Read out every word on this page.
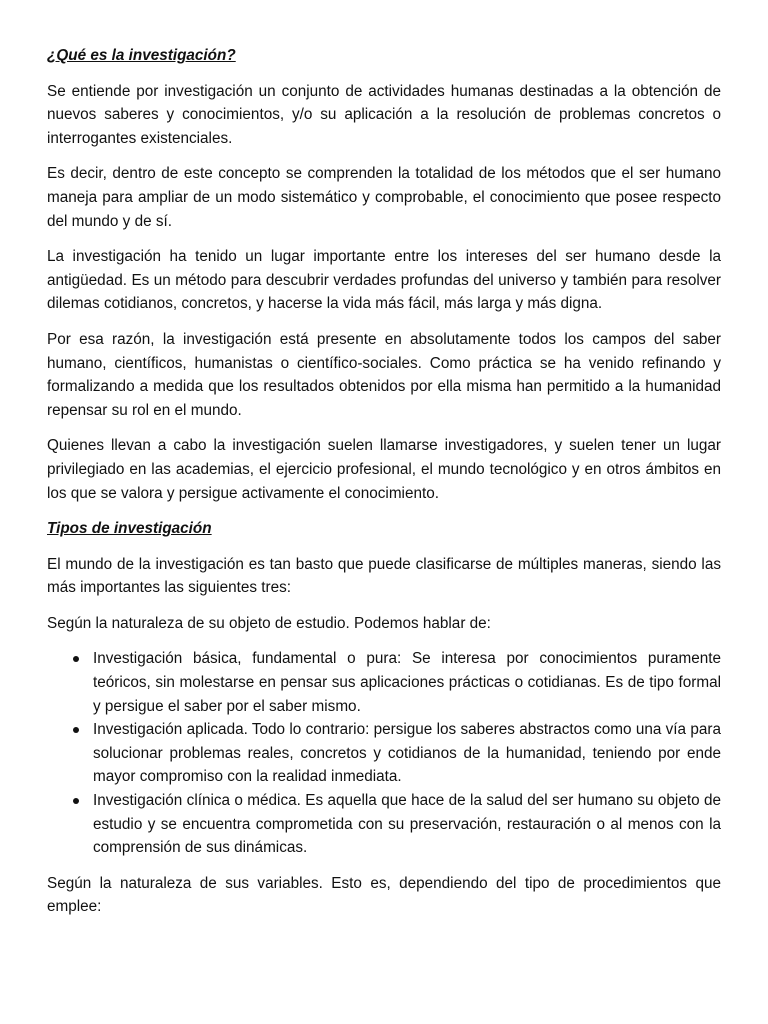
¿Qué es la investigación?

Se entiende por investigación un conjunto de actividades humanas destinadas a la obtención de nuevos saberes y conocimientos, y/o su aplicación a la resolución de problemas concretos o interrogantes existenciales.

Es decir, dentro de este concepto se comprenden la totalidad de los métodos que el ser humano maneja para ampliar de un modo sistemático y comprobable, el conocimiento que posee respecto del mundo y de sí.

La investigación ha tenido un lugar importante entre los intereses del ser humano desde la antigüedad. Es un método para descubrir verdades profundas del universo y también para resolver dilemas cotidianos, concretos, y hacerse la vida más fácil, más larga y más digna.

Por esa razón, la investigación está presente en absolutamente todos los campos del saber humano, científicos, humanistas o científico-sociales. Como práctica se ha venido refinando y formalizando a medida que los resultados obtenidos por ella misma han permitido a la humanidad repensar su rol en el mundo.

Quienes llevan a cabo la investigación suelen llamarse investigadores, y suelen tener un lugar privilegiado en las academias, el ejercicio profesional, el mundo tecnológico y en otros ámbitos en los que se valora y persigue activamente el conocimiento.

Tipos de investigación

El mundo de la investigación es tan basto que puede clasificarse de múltiples maneras, siendo las más importantes las siguientes tres:

Según la naturaleza de su objeto de estudio. Podemos hablar de:

Investigación básica, fundamental o pura: Se interesa por conocimientos puramente teóricos, sin molestarse en pensar sus aplicaciones prácticas o cotidianas. Es de tipo formal y persigue el saber por el saber mismo.
Investigación aplicada. Todo lo contrario: persigue los saberes abstractos como una vía para solucionar problemas reales, concretos y cotidianos de la humanidad, teniendo por ende mayor compromiso con la realidad inmediata.
Investigación clínica o médica. Es aquella que hace de la salud del ser humano su objeto de estudio y se encuentra comprometida con su preservación, restauración o al menos con la comprensión de sus dinámicas.

Según la naturaleza de sus variables. Esto es, dependiendo del tipo de procedimientos que emplee:
